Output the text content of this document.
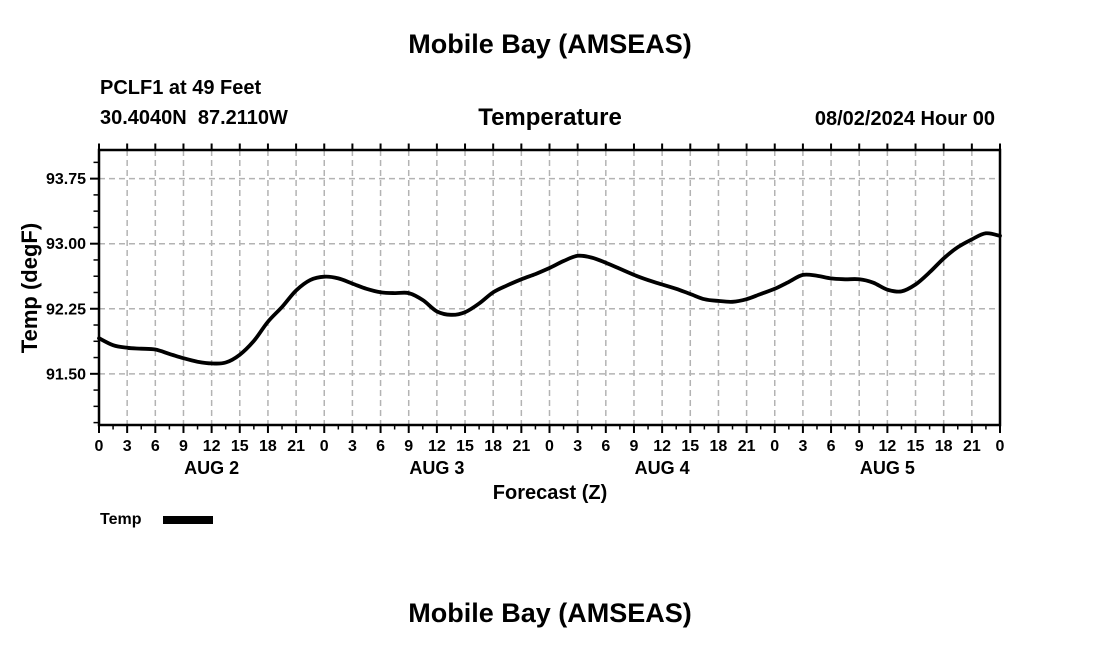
Mobile Bay (AMSEAS)
PCLF1 at 49 Feet
30.4040N  87.2110W	Temperature	08/02/2024 Hour 00
Temp (degF)
0 3 6 9 12 15 18 21 0 3 6 9 12 15 18 21 0 3 6 9 12 15 18 21 0 3 6 9 12 15 18 21 0
AUG 2	AUG 3	AUG 4	AUG 5
91.50
92.25
93.00
93.75
Forecast (Z)
Temp
Mobile Bay (AMSEAS)
